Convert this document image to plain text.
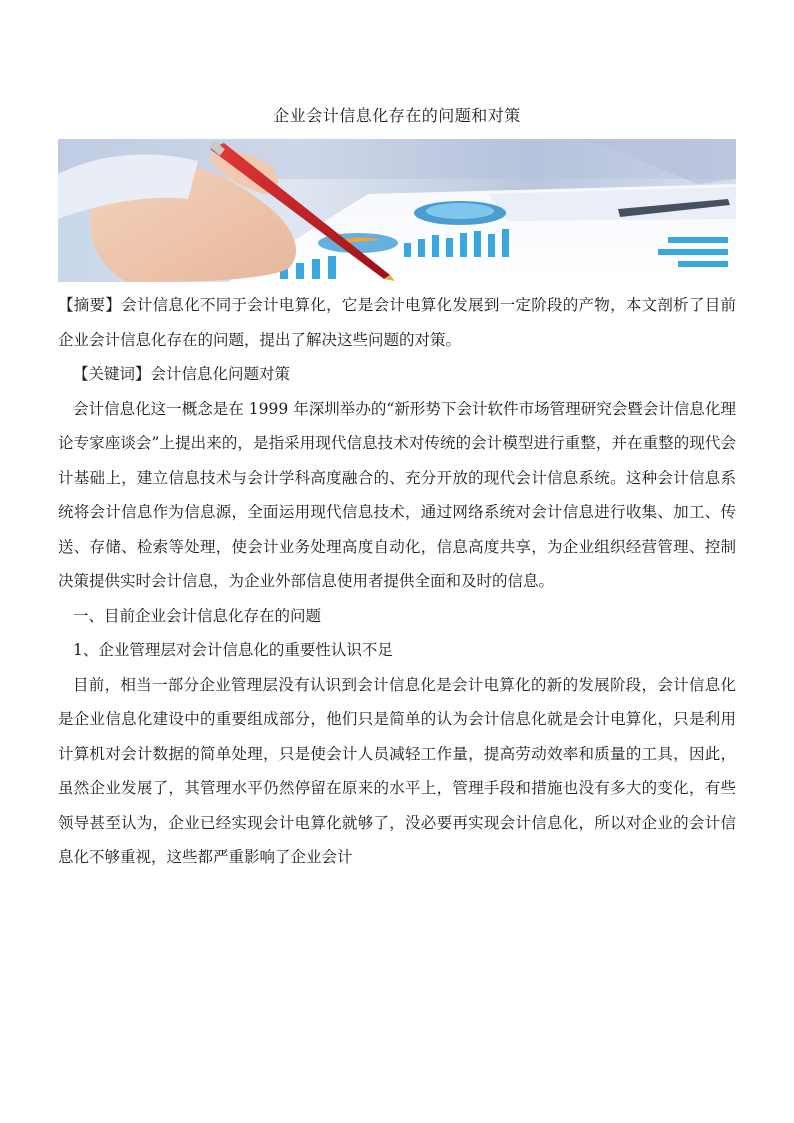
企业会计信息化存在的问题和对策

【摘要】会计信息化不同于会计电算化，它是会计电算化发展到一定阶段的产物，本文剖析了目前企业会计信息化存在的问题，提出了解决这些问题的对策。

【关键词】会计信息化问题对策

会计信息化这一概念是在 1999 年深圳举办的“新形势下会计软件市场管理研究会暨会计信息化理论专家座谈会”上提出来的，是指采用现代信息技术对传统的会计模型进行重整，并在重整的现代会计基础上，建立信息技术与会计学科高度融合的、充分开放的现代会计信息系统。这种会计信息系统将会计信息作为信息源，全面运用现代信息技术，通过网络系统对会计信息进行收集、加工、传送、存储、检索等处理，使会计业务处理高度自动化，信息高度共享，为企业组织经营管理、控制决策提供实时会计信息，为企业外部信息使用者提供全面和及时的信息。

一、目前企业会计信息化存在的问题

1、企业管理层对会计信息化的重要性认识不足

目前，相当一部分企业管理层没有认识到会计信息化是会计电算化的新的发展阶段，会计信息化是企业信息化建设中的重要组成部分，他们只是简单的认为会计信息化就是会计电算化，只是利用计算机对会计数据的简单处理，只是使会计人员减轻工作量，提高劳动效率和质量的工具，因此，虽然企业发展了，其管理水平仍然停留在原来的水平上，管理手段和措施也没有多大的变化，有些领导甚至认为，企业已经实现会计电算化就够了，没必要再实现会计信息化，所以对企业的会计信息化不够重视，这些都严重影响了企业会计
